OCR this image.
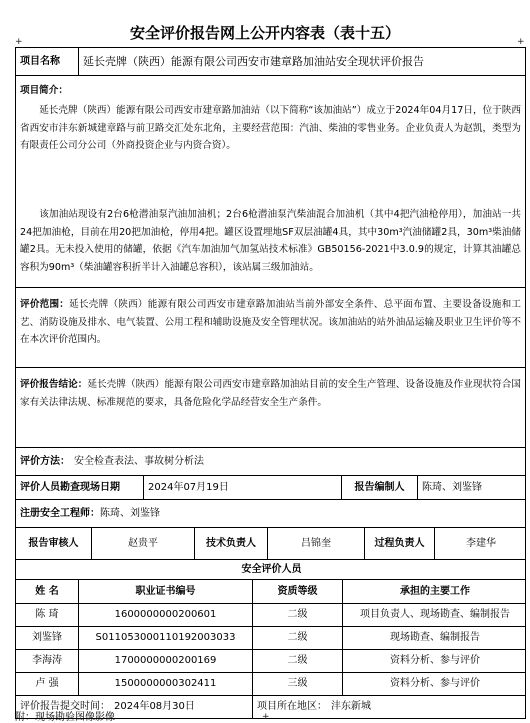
安全评价报告网上公开内容表（表十五）
+	+
项目名称	延长壳牌（陕西）能源有限公司西安市建章路加油站安全现状评价报告
项目简介：
延长壳牌（陕西）能源有限公司西安市建章路加油站（以下简称“该加油站”）成立于2024年04月17日，位于陕西省西安市沣东新城建章路与前卫路交汇处东北角，主要经营范围：汽油、柴油的零售业务。企业负责人为赵凯，类型为有限责任公司分公司（外商投资企业与内资合资）。
该加油站现设有2台6枪潜油泵汽油加油机；2台6枪潜油泵汽柴油混合加油机（其中4把汽油枪停用），加油站一共24把加油枪，目前在用20把加油枪，停用4把。罐区设置埋地SF双层油罐4具，其中30m³汽油储罐2具，30m³柴油储罐2具。无未投入使用的储罐，依据《汽车加油加气加氢站技术标准》GB50156-2021中3.0.9的规定，计算其油罐总容积为90m³（柴油罐容积折半计入油罐总容积），该站属三级加油站。
评价范围：延长壳牌（陕西）能源有限公司西安市建章路加油站当前外部安全条件、总平面布置、主要设备设施和工艺、消防设施及排水、电气装置、公用工程和辅助设施及安全管理状况。该加油站的站外油品运输及职业卫生评价等不在本次评价范围内。
评价报告结论：延长壳牌（陕西）能源有限公司西安市建章路加油站目前的安全生产管理、设备设施及作业现状符合国家有关法律法规、标准规范的要求，具备危险化学品经营安全生产条件。
评价方法： 安全检查表法、事故树分析法
评价人员勘查现场日期	2024年07月19日	报告编制人	陈琦、刘鉴锋
注册安全工程师： 陈琦、刘鉴锋
报告审核人	赵贵平	技术负责人	吕锦奎	过程负责人	李建华
安全评价人员
姓 名	职业证书编号	资质等级	承担的主要工作
陈 琦	1600000000200601	二级	项目负责人、现场勘查、编制报告
刘鉴锋	S011053000110192003033	二级	现场勘查、编制报告
李海涛	1700000000200169	二级	资料分析、参与评价
卢 强	1500000000302411	三级	资料分析、参与评价
评价报告提交时间： 2024年08月30日	项目所在地区： 沣东新城
附：现场勘验图像影像	+
